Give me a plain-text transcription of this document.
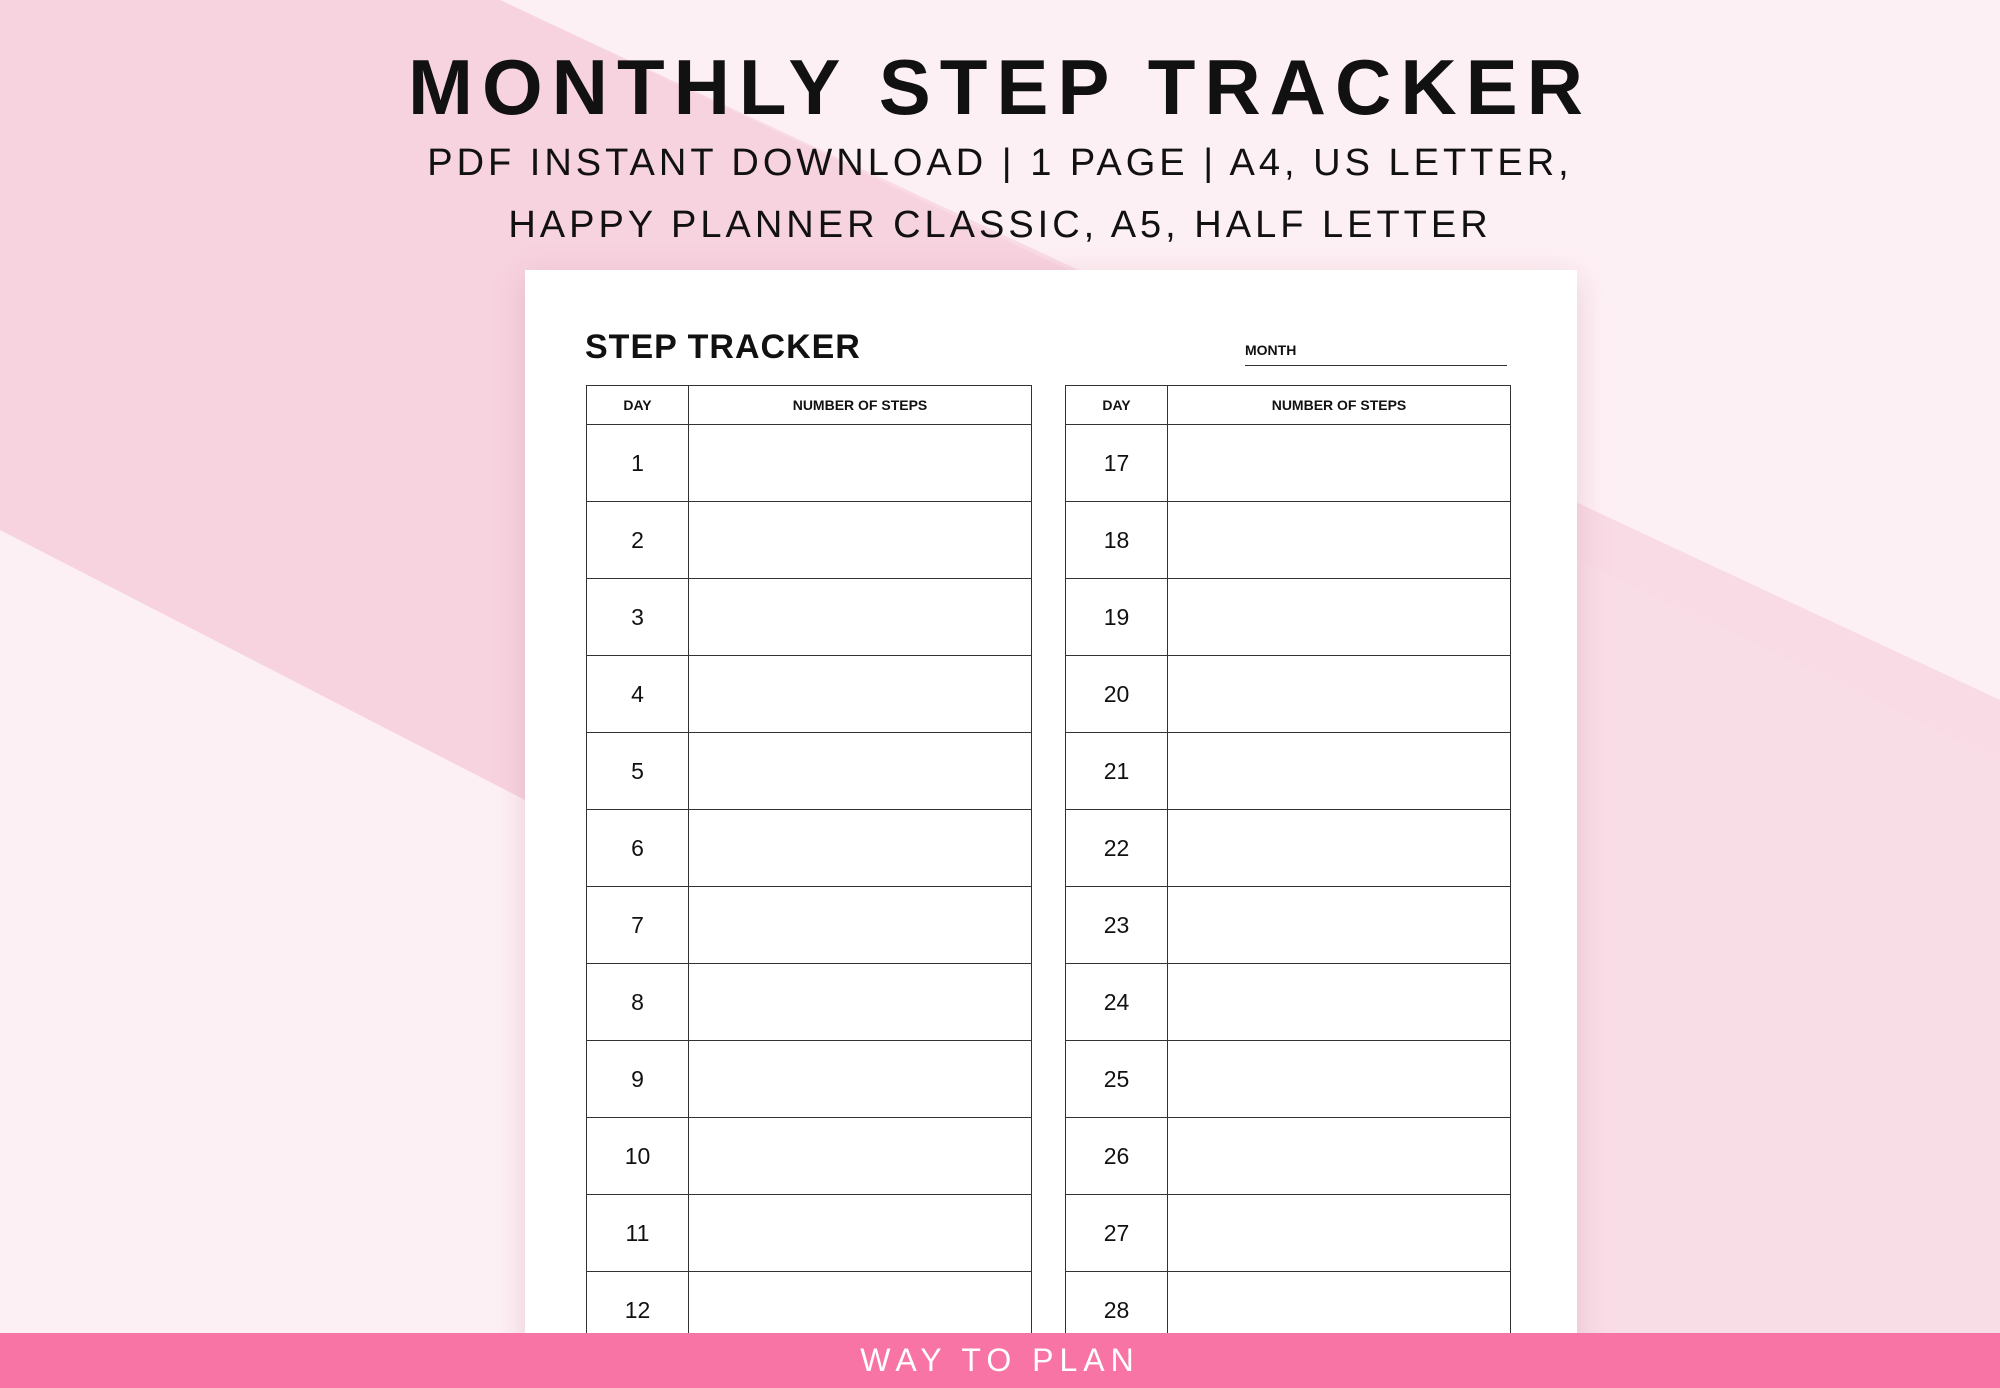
MONTHLY STEP TRACKER
PDF INSTANT DOWNLOAD | 1 PAGE | A4, US LETTER,
HAPPY PLANNER CLASSIC, A5, HALF LETTER
STEP TRACKER	MONTH
DAY	NUMBER OF STEPS
1	
2	
3	
4	
5	
6	
7	
8	
9	
10	
11	
12	
DAY	NUMBER OF STEPS
17	
18	
19	
20	
21	
22	
23	
24	
25	
26	
27	
28	
WAY TO PLAN
